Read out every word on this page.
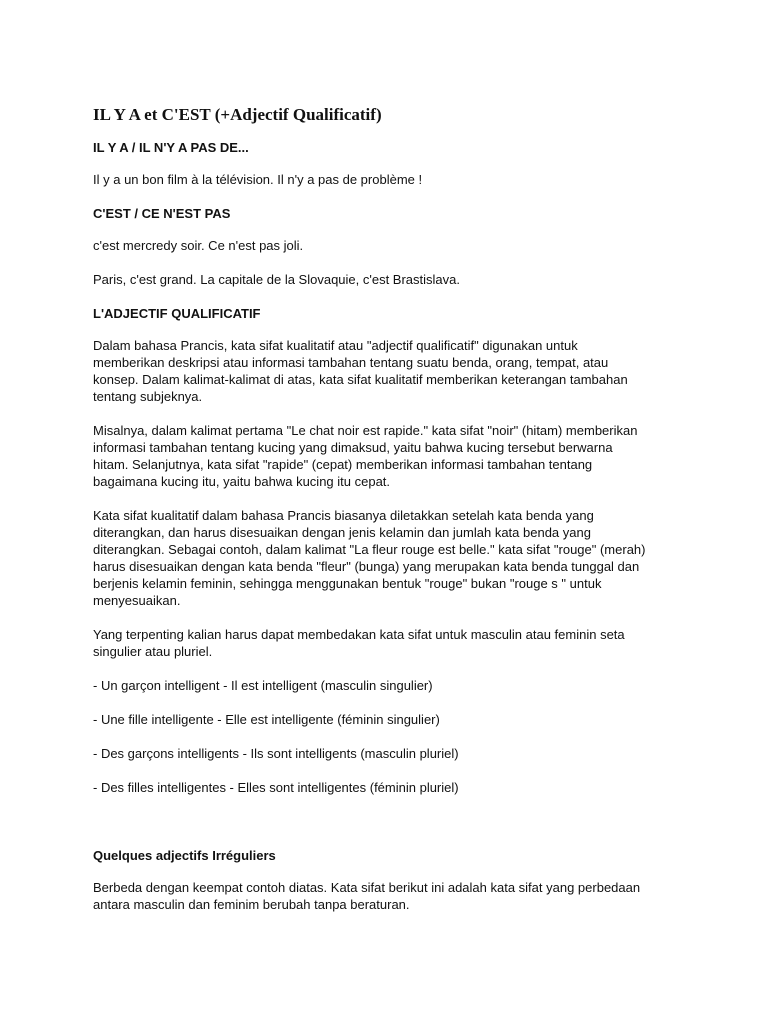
IL Y A et C'EST (+Adjectif Qualificatif)
IL Y A / IL N'Y A PAS DE...

Il y a un bon film à la télévision. Il n'y a pas de problème !

C'EST / CE N'EST PAS

c'est mercredy soir. Ce n'est pas joli.

Paris, c'est grand. La capitale de la Slovaquie, c'est Brastislava.

L'ADJECTIF QUALIFICATIF

Dalam bahasa Prancis, kata sifat kualitatif atau "adjectif qualificatif" digunakan untuk
memberikan deskripsi atau informasi tambahan tentang suatu benda, orang, tempat, atau
konsep. Dalam kalimat-kalimat di atas, kata sifat kualitatif memberikan keterangan tambahan
tentang subjeknya.

Misalnya, dalam kalimat pertama "Le chat noir est rapide." kata sifat "noir" (hitam) memberikan
informasi tambahan tentang kucing yang dimaksud, yaitu bahwa kucing tersebut berwarna
hitam. Selanjutnya, kata sifat "rapide" (cepat) memberikan informasi tambahan tentang
bagaimana kucing itu, yaitu bahwa kucing itu cepat.

Kata sifat kualitatif dalam bahasa Prancis biasanya diletakkan setelah kata benda yang
diterangkan, dan harus disesuaikan dengan jenis kelamin dan jumlah kata benda yang
diterangkan. Sebagai contoh, dalam kalimat "La fleur rouge est belle." kata sifat "rouge" (merah)
harus disesuaikan dengan kata benda "fleur" (bunga) yang merupakan kata benda tunggal dan
berjenis kelamin feminin, sehingga menggunakan bentuk "rouge" bukan "rouge s " untuk
menyesuaikan.

Yang terpenting kalian harus dapat membedakan kata sifat untuk masculin atau feminin seta
singulier atau pluriel.

- Un garçon intelligent - Il est intelligent (masculin singulier)

- Une fille intelligente - Elle est intelligente (féminin singulier)

- Des garçons intelligents - Ils sont intelligents (masculin pluriel)

- Des filles intelligentes - Elles sont intelligentes (féminin pluriel)

Quelques adjectifs Irréguliers

Berbeda dengan keempat contoh diatas. Kata sifat berikut ini adalah kata sifat yang perbedaan
antara masculin dan feminim berubah tanpa beraturan.
